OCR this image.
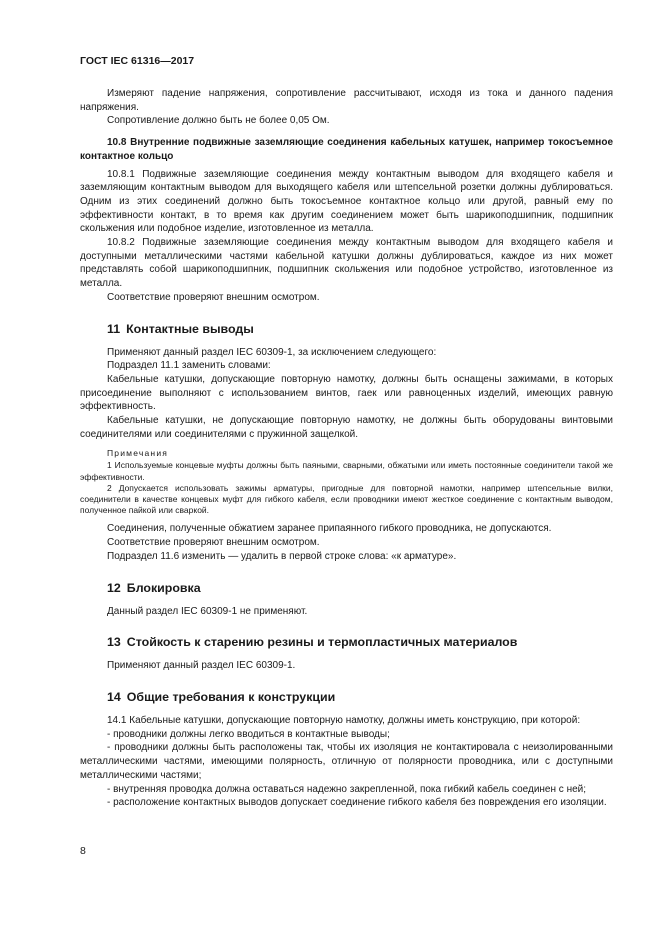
ГОСТ IEC 61316—2017

Измеряют падение напряжения, сопротивление рассчитывают, исходя из тока и данного падения напряжения.

Сопротивление должно быть не более 0,05 Ом.

10.8 Внутренние подвижные заземляющие соединения кабельных катушек, например токосъемное контактное кольцо

10.8.1 Подвижные заземляющие соединения между контактным выводом для входящего кабеля и заземляющим контактным выводом для выходящего кабеля или штепсельной розетки должны дублироваться. Одним из этих соединений должно быть токосъемное контактное кольцо или другой, равный ему по эффективности контакт, в то время как другим соединением может быть шарикоподшипник, подшипник скольжения или подобное изделие, изготовленное из металла.

10.8.2 Подвижные заземляющие соединения между контактным выводом для входящего кабеля и доступными металлическими частями кабельной катушки должны дублироваться, каждое из них может представлять собой шарикоподшипник, подшипник скольжения или подобное устройство, изготовленное из металла.

Соответствие проверяют внешним осмотром.

11 Контактные выводы

Применяют данный раздел IEC 60309-1, за исключением следующего:

Подраздел 11.1 заменить словами:

Кабельные катушки, допускающие повторную намотку, должны быть оснащены зажимами, в которых присоединение выполняют с использованием винтов, гаек или равноценных изделий, имеющих равную эффективность.

Кабельные катушки, не допускающие повторную намотку, не должны быть оборудованы винтовыми соединителями или соединителями с пружинной защелкой.

Примечания

1 Используемые концевые муфты должны быть паяными, сварными, обжатыми или иметь постоянные соединители такой же эффективности.

2 Допускается использовать зажимы арматуры, пригодные для повторной намотки, например штепсельные вилки, соединители в качестве концевых муфт для гибкого кабеля, если проводники имеют жесткое соединение с контактным выводом, полученное пайкой или сваркой.

Соединения, полученные обжатием заранее припаянного гибкого проводника, не допускаются.

Соответствие проверяют внешним осмотром.

Подраздел 11.6 изменить — удалить в первой строке слова: «к арматуре».

12 Блокировка

Данный раздел IEC 60309-1 не применяют.

13 Стойкость к старению резины и термопластичных материалов

Применяют данный раздел IEC 60309-1.

14 Общие требования к конструкции

14.1 Кабельные катушки, допускающие повторную намотку, должны иметь конструкцию, при которой:

- проводники должны легко вводиться в контактные выводы;

- проводники должны быть расположены так, чтобы их изоляция не контактировала с неизолированными металлическими частями, имеющими полярность, отличную от полярности проводника, или с доступными металлическими частями;

- внутренняя проводка должна оставаться надежно закрепленной, пока гибкий кабель соединен с ней;

- расположение контактных выводов допускает соединение гибкого кабеля без повреждения его изоляции.

8
